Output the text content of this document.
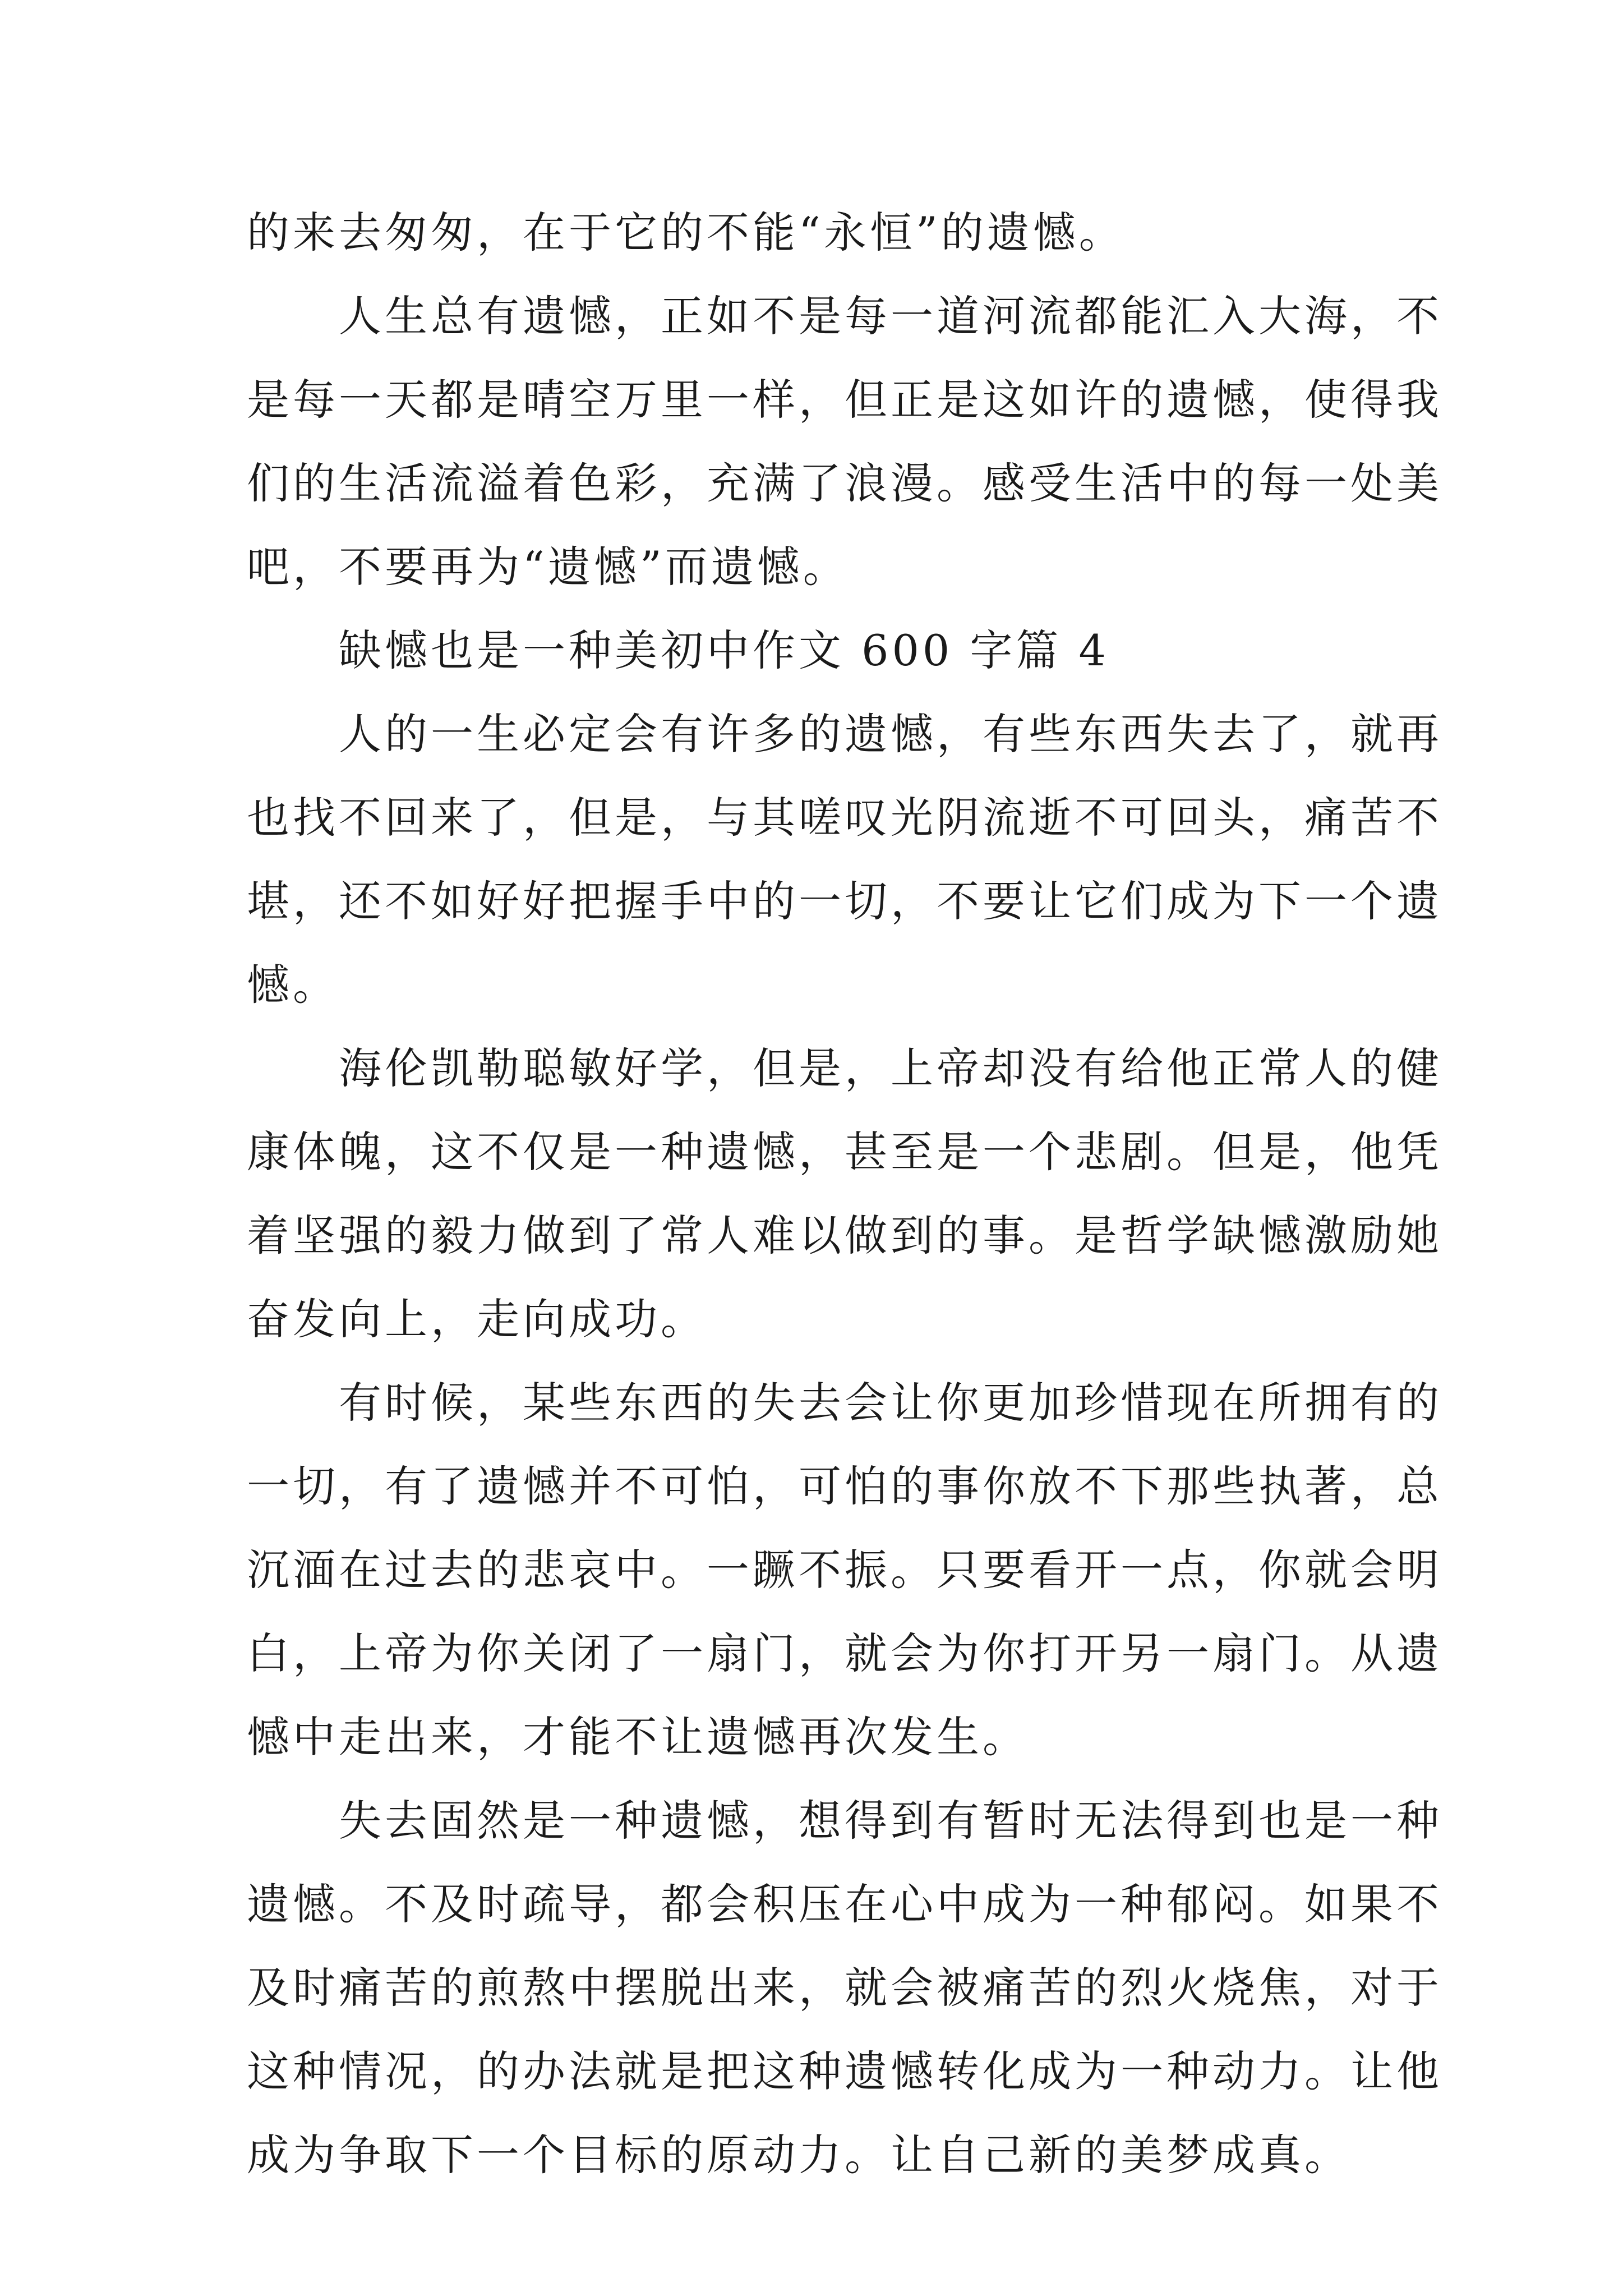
的来去匆匆，在于它的不能“永恒”的遗憾。
人生总有遗憾，正如不是每一道河流都能汇入大海，不
是每一天都是晴空万里一样，但正是这如许的遗憾，使得我
们的生活流溢着色彩，充满了浪漫。感受生活中的每一处美
吧，不要再为“遗憾”而遗憾。
缺憾也是一种美初中作文 600 字篇 4
人的一生必定会有许多的遗憾，有些东西失去了，就再
也找不回来了，但是，与其嗟叹光阴流逝不可回头，痛苦不
堪，还不如好好把握手中的一切，不要让它们成为下一个遗
憾。
海伦凯勒聪敏好学，但是，上帝却没有给他正常人的健
康体魄，这不仅是一种遗憾，甚至是一个悲剧。但是，他凭
着坚强的毅力做到了常人难以做到的事。是哲学缺憾激励她
奋发向上，走向成功。
有时候，某些东西的失去会让你更加珍惜现在所拥有的
一切，有了遗憾并不可怕，可怕的事你放不下那些执著，总
沉湎在过去的悲哀中。一蹶不振。只要看开一点，你就会明
白，上帝为你关闭了一扇门，就会为你打开另一扇门。从遗
憾中走出来，才能不让遗憾再次发生。
失去固然是一种遗憾，想得到有暂时无法得到也是一种
遗憾。不及时疏导，都会积压在心中成为一种郁闷。如果不
及时痛苦的煎熬中摆脱出来，就会被痛苦的烈火烧焦，对于
这种情况，的办法就是把这种遗憾转化成为一种动力。让他
成为争取下一个目标的原动力。让自己新的美梦成真。
